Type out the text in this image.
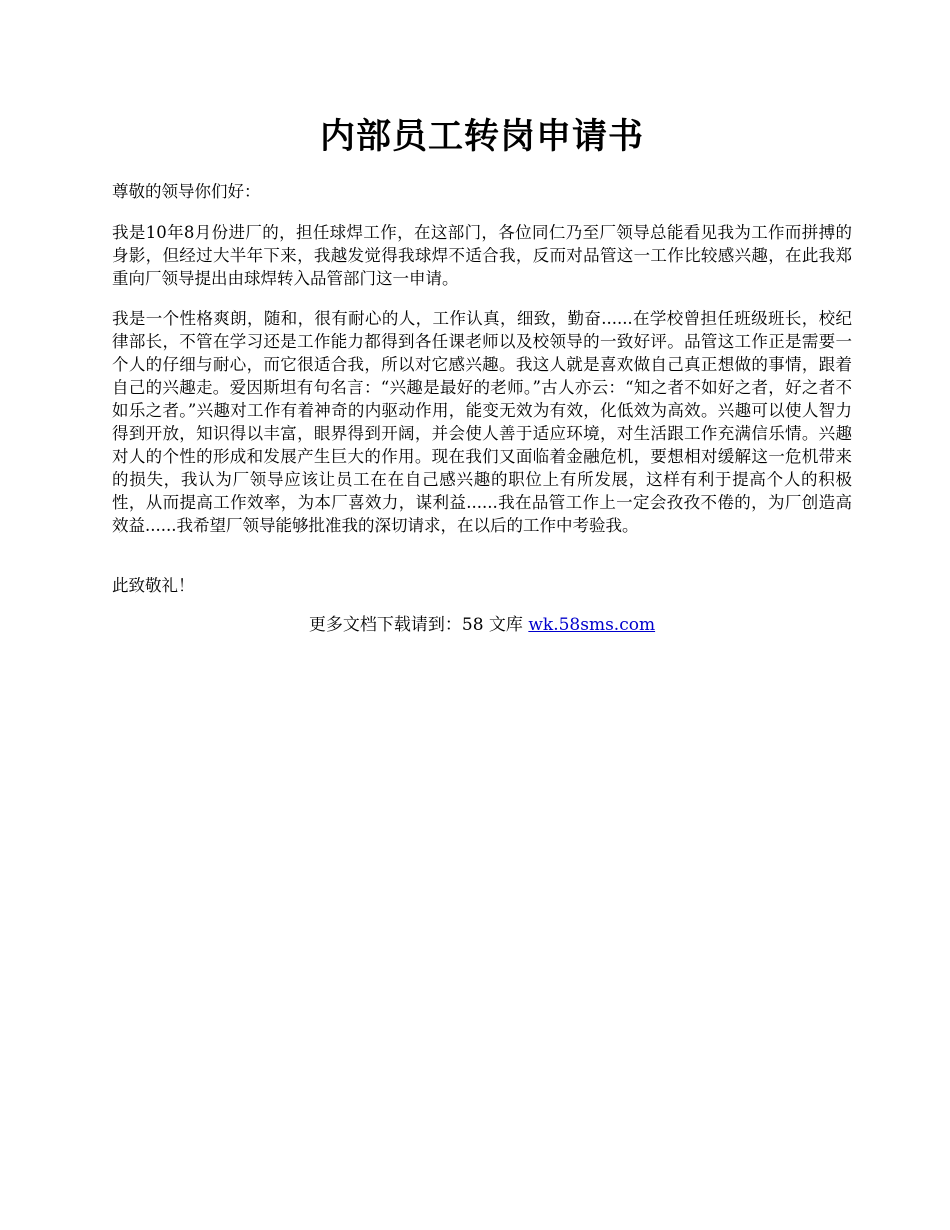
内部员工转岗申请书

尊敬的领导你们好：

我是10年8月份进厂的，担任球焊工作，在这部门，各位同仁乃至厂领导总能看见我为工作而拼搏的身影，但经过大半年下来，我越发觉得我球焊不适合我，反而对品管这一工作比较感兴趣，在此我郑重向厂领导提出由球焊转入品管部门这一申请。

我是一个性格爽朗，随和，很有耐心的人，工作认真，细致，勤奋......在学校曾担任班级班长，校纪律部长，不管在学习还是工作能力都得到各任课老师以及校领导的一致好评。品管这工作正是需要一个人的仔细与耐心，而它很适合我，所以对它感兴趣。我这人就是喜欢做自己真正想做的事情，跟着自己的兴趣走。爱因斯坦有句名言：“兴趣是最好的老师。”古人亦云：“知之者不如好之者，好之者不如乐之者。”兴趣对工作有着神奇的内驱动作用，能变无效为有效，化低效为高效。兴趣可以使人智力得到开放，知识得以丰富，眼界得到开阔，并会使人善于适应环境，对生活跟工作充满信乐情。兴趣对人的个性的形成和发展产生巨大的作用。现在我们又面临着金融危机，要想相对缓解这一危机带来的损失，我认为厂领导应该让员工在在自己感兴趣的职位上有所发展，这样有利于提高个人的积极性，从而提高工作效率，为本厂喜效力，谋利益......我在品管工作上一定会孜孜不倦的，为厂创造高效益......我希望厂领导能够批准我的深切请求，在以后的工作中考验我。

此致敬礼！

更多文档下载请到：58 文库 wk.58sms.com
